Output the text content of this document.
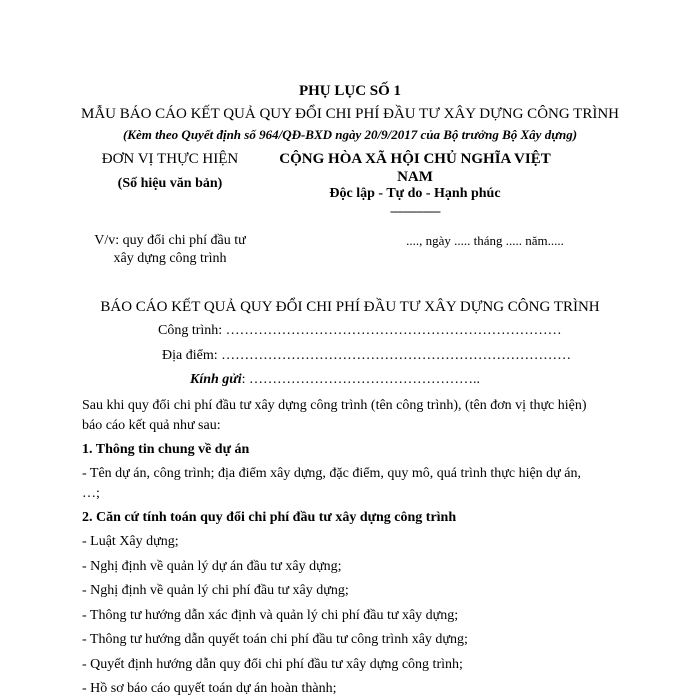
PHỤ LỤC SỐ 1
MẪU BÁO CÁO KẾT QUẢ QUY ĐỔI CHI PHÍ ĐẦU TƯ XÂY DỰNG CÔNG TRÌNH
(Kèm theo Quyết định số 964/QĐ-BXD ngày 20/9/2017 của Bộ trưởng Bộ Xây dựng)
ĐƠN VỊ THỰC HIỆN
(Số hiệu văn bản)
V/v: quy đổi chi phí đầu tư
xây dựng công trình
CỘNG HÒA XÃ HỘI CHỦ NGHĨA VIỆT
NAM
Độc lập - Tự do - Hạnh phúc
---------------
...., ngày ..... tháng ..... năm.....
BÁO CÁO KẾT QUẢ QUY ĐỔI CHI PHÍ ĐẦU TƯ XÂY DỰNG CÔNG TRÌNH
Công trình: ………………………………………………………………
Địa điểm: …………………………………………………………………
Kính gửi: …………………………………………..
Sau khi quy đổi chi phí đầu tư xây dựng công trình (tên công trình), (tên đơn vị thực hiện)
báo cáo kết quả như sau:
1. Thông tin chung về dự án
- Tên dự án, công trình; địa điểm xây dựng, đặc điểm, quy mô, quá trình thực hiện dự án,
…;
2. Căn cứ tính toán quy đổi chi phí đầu tư xây dựng công trình
- Luật Xây dựng;
- Nghị định về quản lý dự án đầu tư xây dựng;
- Nghị định về quản lý chi phí đầu tư xây dựng;
- Thông tư hướng dẫn xác định và quản lý chi phí đầu tư xây dựng;
- Thông tư hướng dẫn quyết toán chi phí đầu tư công trình xây dựng;
- Quyết định hướng dẫn quy đổi chi phí đầu tư xây dựng công trình;
- Hồ sơ báo cáo quyết toán dự án hoàn thành;
